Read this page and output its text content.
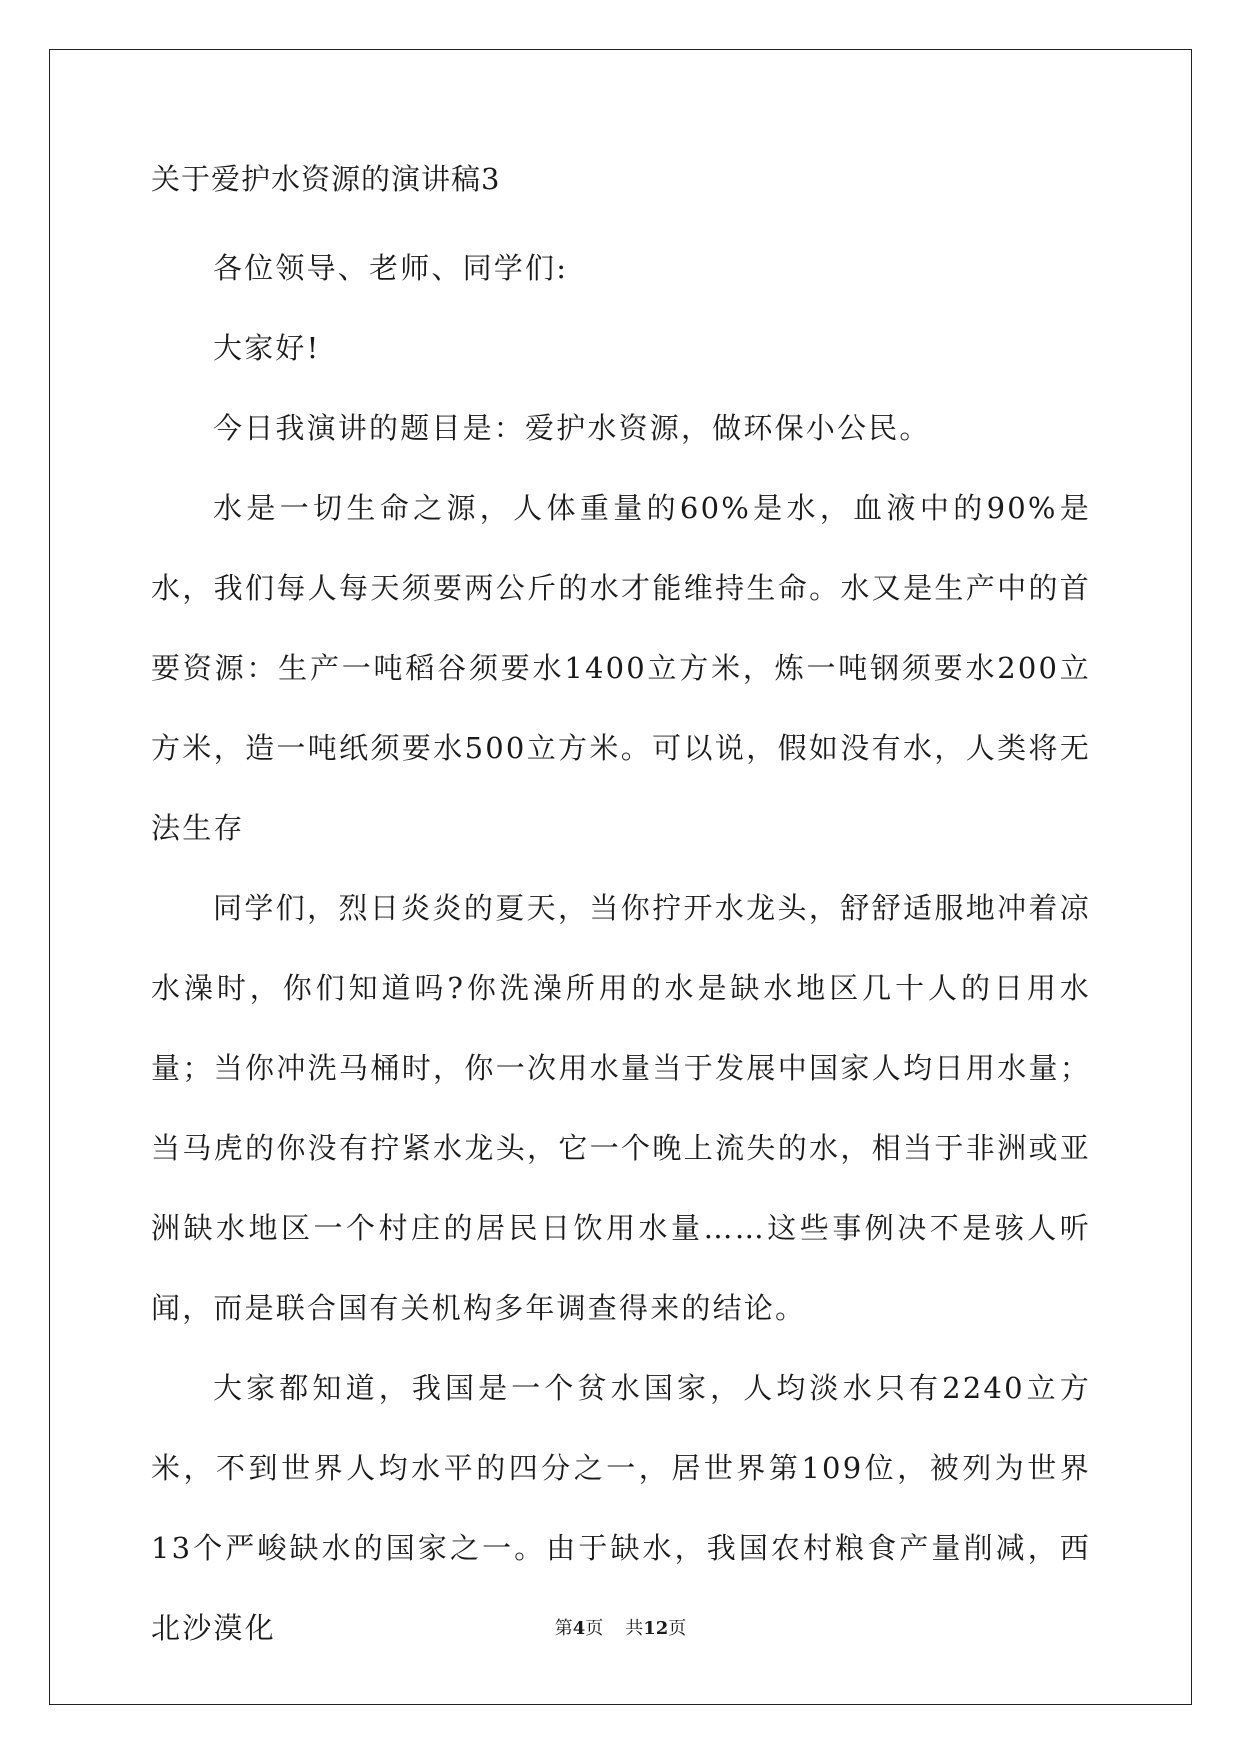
关于爱护水资源的演讲稿3

各位领导、老师、同学们:

大家好!

今日我演讲的题目是：爱护水资源，做环保小公民。

水是一切生命之源，人体重量的60%是水，血液中的90%是水，我们每人每天须要两公斤的水才能维持生命。水又是生产中的首要资源：生产一吨稻谷须要水1400立方米，炼一吨钢须要水200立方米，造一吨纸须要水500立方米。可以说，假如没有水，人类将无法生存

同学们，烈日炎炎的夏天，当你拧开水龙头，舒舒适服地冲着凉水澡时，你们知道吗?你洗澡所用的水是缺水地区几十人的日用水量；当你冲洗马桶时，你一次用水量当于发展中国家人均日用水量；当马虎的你没有拧紧水龙头，它一个晚上流失的水，相当于非洲或亚洲缺水地区一个村庄的居民日饮用水量……这些事例决不是骇人听闻，而是联合国有关机构多年调查得来的结论。

大家都知道，我国是一个贫水国家，人均淡水只有2240立方米，不到世界人均水平的四分之一，居世界第109位，被列为世界13个严峻缺水的国家之一。由于缺水，我国农村粮食产量削减，西北沙漠化	第4页 共12页
